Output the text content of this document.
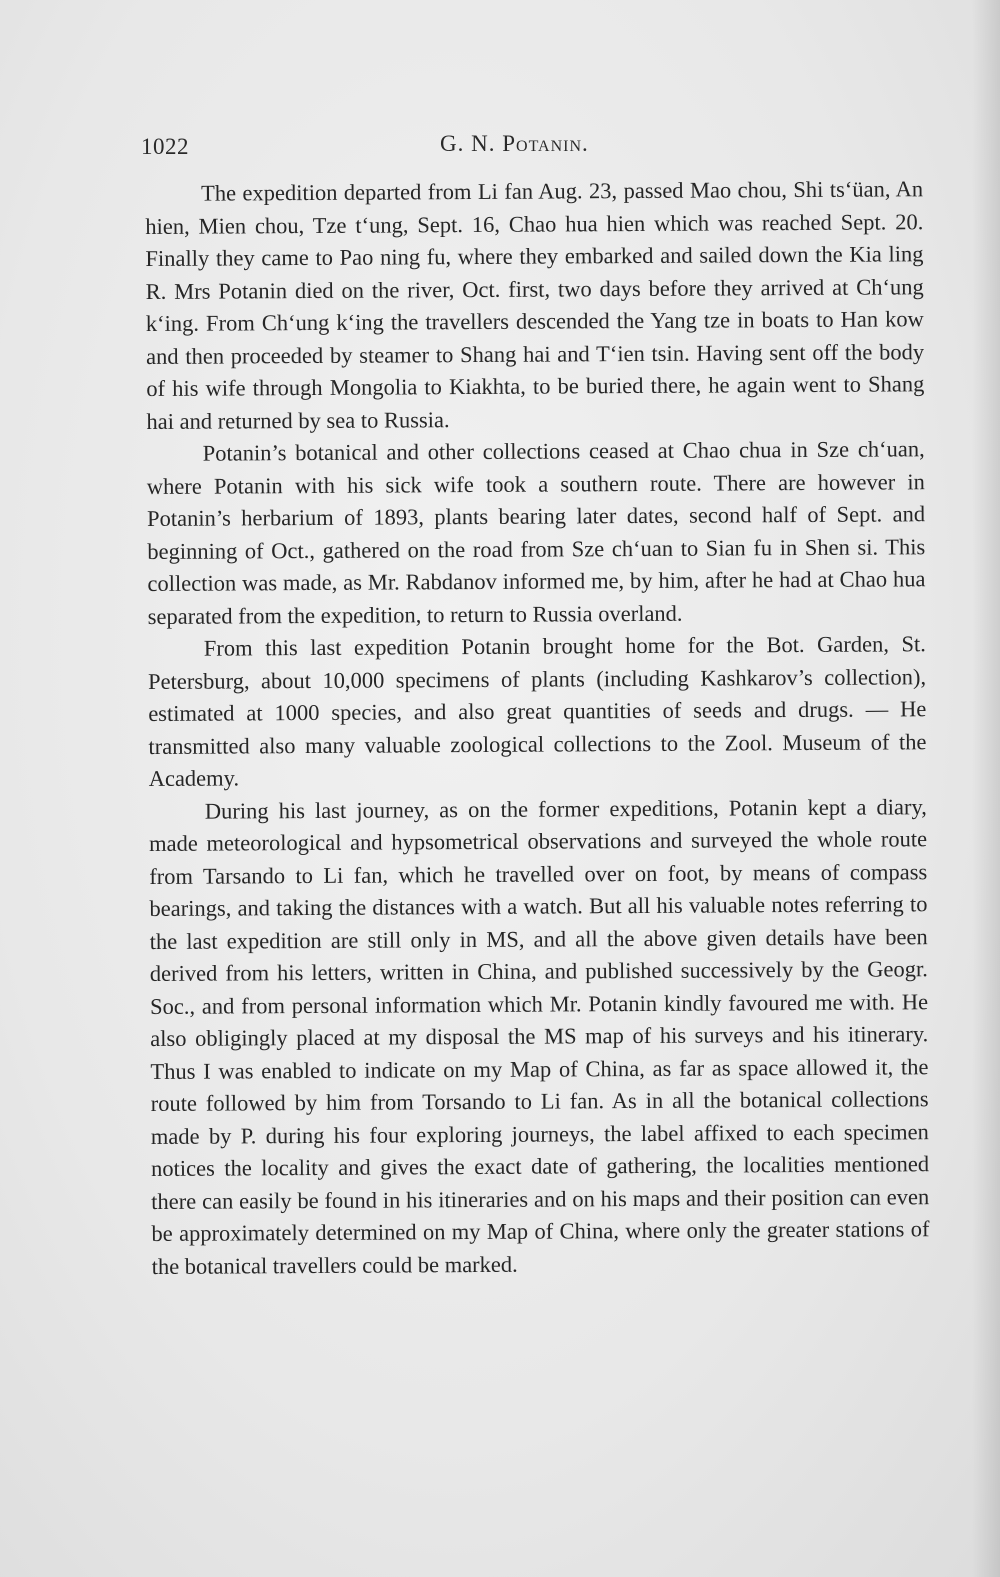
1022	G. N. Potanin.

The expedition departed from Li fan Aug. 23, passed Mao chou, Shi ts‘üan, An hien, Mien chou, Tze t‘ung, Sept. 16, Chao hua hien which was reached Sept. 20. Finally they came to Pao ning fu, where they embarked and sailed down the Kia ling R. Mrs Potanin died on the river, Oct. first, two days before they arrived at Ch‘ung k‘ing. From Ch‘ung k‘ing the travellers descended the Yang tze in boats to Han kow and then proceeded by steamer to Shang hai and T‘ien tsin. Having sent off the body of his wife through Mongolia to Kiakhta, to be buried there, he again went to Shang hai and returned by sea to Russia.

Potanin’s botanical and other collections ceased at Chao chua in Sze ch‘uan, where Potanin with his sick wife took a southern route. There are however in Potanin’s herbarium of 1893, plants bearing later dates, second half of Sept. and beginning of Oct., gathered on the road from Sze ch‘uan to Sian fu in Shen si. This collection was made, as Mr. Rabdanov informed me, by him, after he had at Chao hua separated from the expedition, to return to Russia overland.

From this last expedition Potanin brought home for the Bot. Garden, St. Petersburg, about 10,000 specimens of plants (including Kashkarov’s collection), estimated at 1000 species, and also great quantities of seeds and drugs. — He transmitted also many valuable zoological collections to the Zool. Museum of the Academy.

During his last journey, as on the former expeditions, Potanin kept a diary, made meteorological and hypsometrical observations and surveyed the whole route from Tarsando to Li fan, which he travelled over on foot, by means of compass bearings, and taking the distances with a watch. But all his valuable notes referring to the last expedition are still only in MS, and all the above given details have been derived from his letters, written in China, and published successively by the Geogr. Soc., and from personal information which Mr. Potanin kindly favoured me with. He also obligingly placed at my disposal the MS map of his surveys and his itinerary. Thus I was enabled to indicate on my Map of China, as far as space allowed it, the route followed by him from Torsando to Li fan. As in all the botanical collections made by P. during his four exploring journeys, the label affixed to each specimen notices the locality and gives the exact date of gathering, the localities mentioned there can easily be found in his itineraries and on his maps and their position can even be approximately determined on my Map of China, where only the greater stations of the botanical travellers could be marked.
